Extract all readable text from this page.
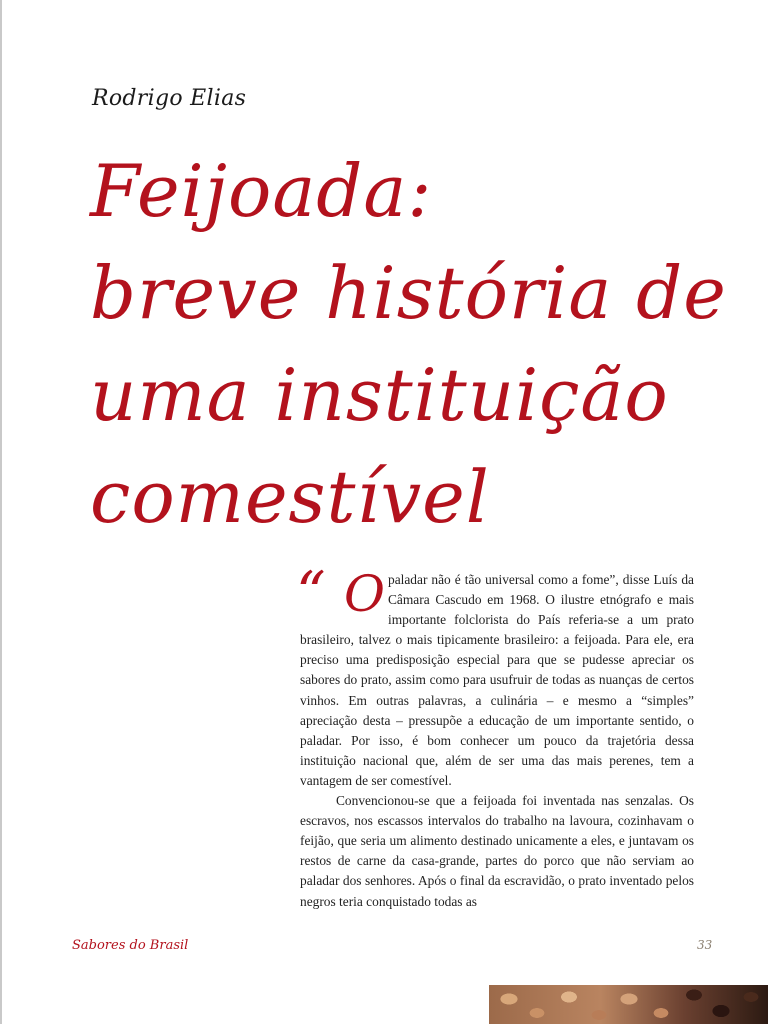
Rodrigo Elias
Feijoada:
breve história de
uma instituição
comestível

“ O paladar não é tão universal como a fome”, disse Luís da Câmara Cascudo em 1968. O ilustre etnógrafo e mais importante folclorista do País referia-se a um prato brasileiro, talvez o mais tipicamente brasileiro: a feijoada. Para ele, era preciso uma predisposição especial para que se pudesse apreciar os sabores do prato, assim como para usufruir de todas as nuanças de certos vinhos. Em outras palavras, a culinária – e mesmo a “simples” apreciação desta – pressupõe a educação de um importante sentido, o paladar. Por isso, é bom conhecer um pouco da trajetória dessa instituição nacional que, além de ser uma das mais perenes, tem a vantagem de ser comestível.

Convencionou-se que a feijoada foi inventada nas senzalas. Os escravos, nos escassos intervalos do trabalho na lavoura, cozinhavam o feijão, que seria um alimento destinado unicamente a eles, e juntavam os restos de carne da casa-grande, partes do porco que não serviam ao paladar dos senhores. Após o final da escravidão, o prato inventado pelos negros teria conquistado todas as

Sabores do Brasil	33
